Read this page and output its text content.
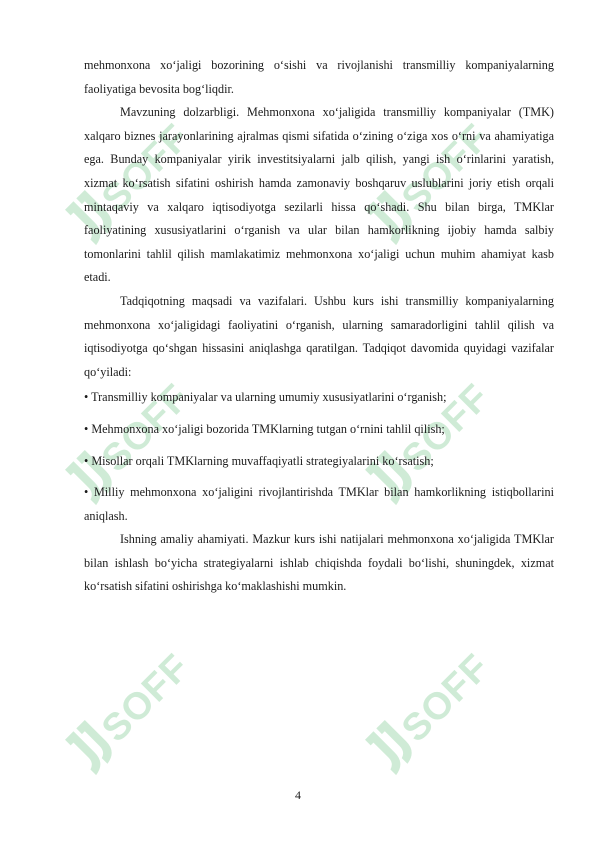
SOFF	SOFF
SOFF	SOFF
SOFF	SOFF

mehmonxona xo‘jaligi bozorining o‘sishi va rivojlanishi transmilliy kompaniyalarning faoliyatiga bevosita bog‘liqdir.

Mavzuning dolzarbligi. Mehmonxona xo‘jaligida transmilliy kompaniyalar (TMK) xalqaro biznes jarayonlarining ajralmas qismi sifatida o‘zining o‘ziga xos o‘rni va ahamiyatiga ega. Bunday kompaniyalar yirik investitsiyalarni jalb qilish, yangi ish o‘rinlarini yaratish, xizmat ko‘rsatish sifatini oshirish hamda zamonaviy boshqaruv uslublarini joriy etish orqali mintaqaviy va xalqaro iqtisodiyotga sezilarli hissa qo‘shadi. Shu bilan birga, TMKlar faoliyatining xususiyatlarini o‘rganish va ular bilan hamkorlikning ijobiy hamda salbiy tomonlarini tahlil qilish mamlakatimiz mehmonxona xo‘jaligi uchun muhim ahamiyat kasb etadi.

Tadqiqotning maqsadi va vazifalari. Ushbu kurs ishi transmilliy kompaniyalarning mehmonxona xo‘jaligidagi faoliyatini o‘rganish, ularning samaradorligini tahlil qilish va iqtisodiyotga qo‘shgan hissasini aniqlashga qaratilgan. Tadqiqot davomida quyidagi vazifalar qo‘yiladi:

• Transmilliy kompaniyalar va ularning umumiy xususiyatlarini o‘rganish;

• Mehmonxona xo‘jaligi bozorida TMKlarning tutgan o‘rnini tahlil qilish;

• Misollar orqali TMKlarning muvaffaqiyatli strategiyalarini ko‘rsatish;

• Milliy mehmonxona xo‘jaligini rivojlantirishda TMKlar bilan hamkorlikning istiqbollarini aniqlash.

Ishning amaliy ahamiyati. Mazkur kurs ishi natijalari mehmonxona xo‘jaligida TMKlar bilan ishlash bo‘yicha strategiyalarni ishlab chiqishda foydali bo‘lishi, shuningdek, xizmat ko‘rsatish sifatini oshirishga ko‘maklashishi mumkin.

4
